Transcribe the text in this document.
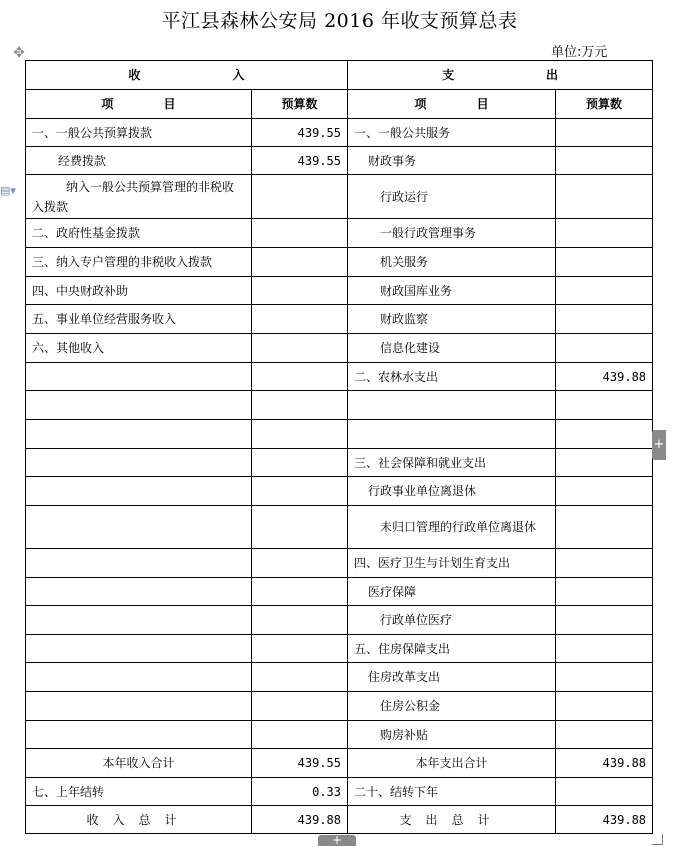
平江县森林公安局 2016 年收支预算总表
单位:万元
✥
▤▾
收                      入		支                      出	
项            目	预算数	项            目	预算数
一、一般公共预算拨款	439.55	一、一般公共服务	
经费拨款	439.55	财政事务	
纳入一般公共预算管理的非税收入拨款		行政运行	
二、政府性基金拨款		一般行政管理事务	
三、纳入专户管理的非税收入拨款		机关服务	
四、中央财政补助		财政国库业务	
五、事业单位经营服务收入		财政监察	
六、其他收入		信息化建设	
		二、农林水支出	439.88

		三、社会保障和就业支出	
		行政事业单位离退休	
		未归口管理的行政单位离退休	
		四、医疗卫生与计划生育支出	
		医疗保障	
		行政单位医疗	
		五、住房保障支出	
		住房改革支出	
		住房公积金	
		购房补贴	
本年收入合计	439.55	本年支出合计	439.88
七、上年结转	0.33	二十、结转下年	
收入总计	439.88	支出总计	439.88
+
+
